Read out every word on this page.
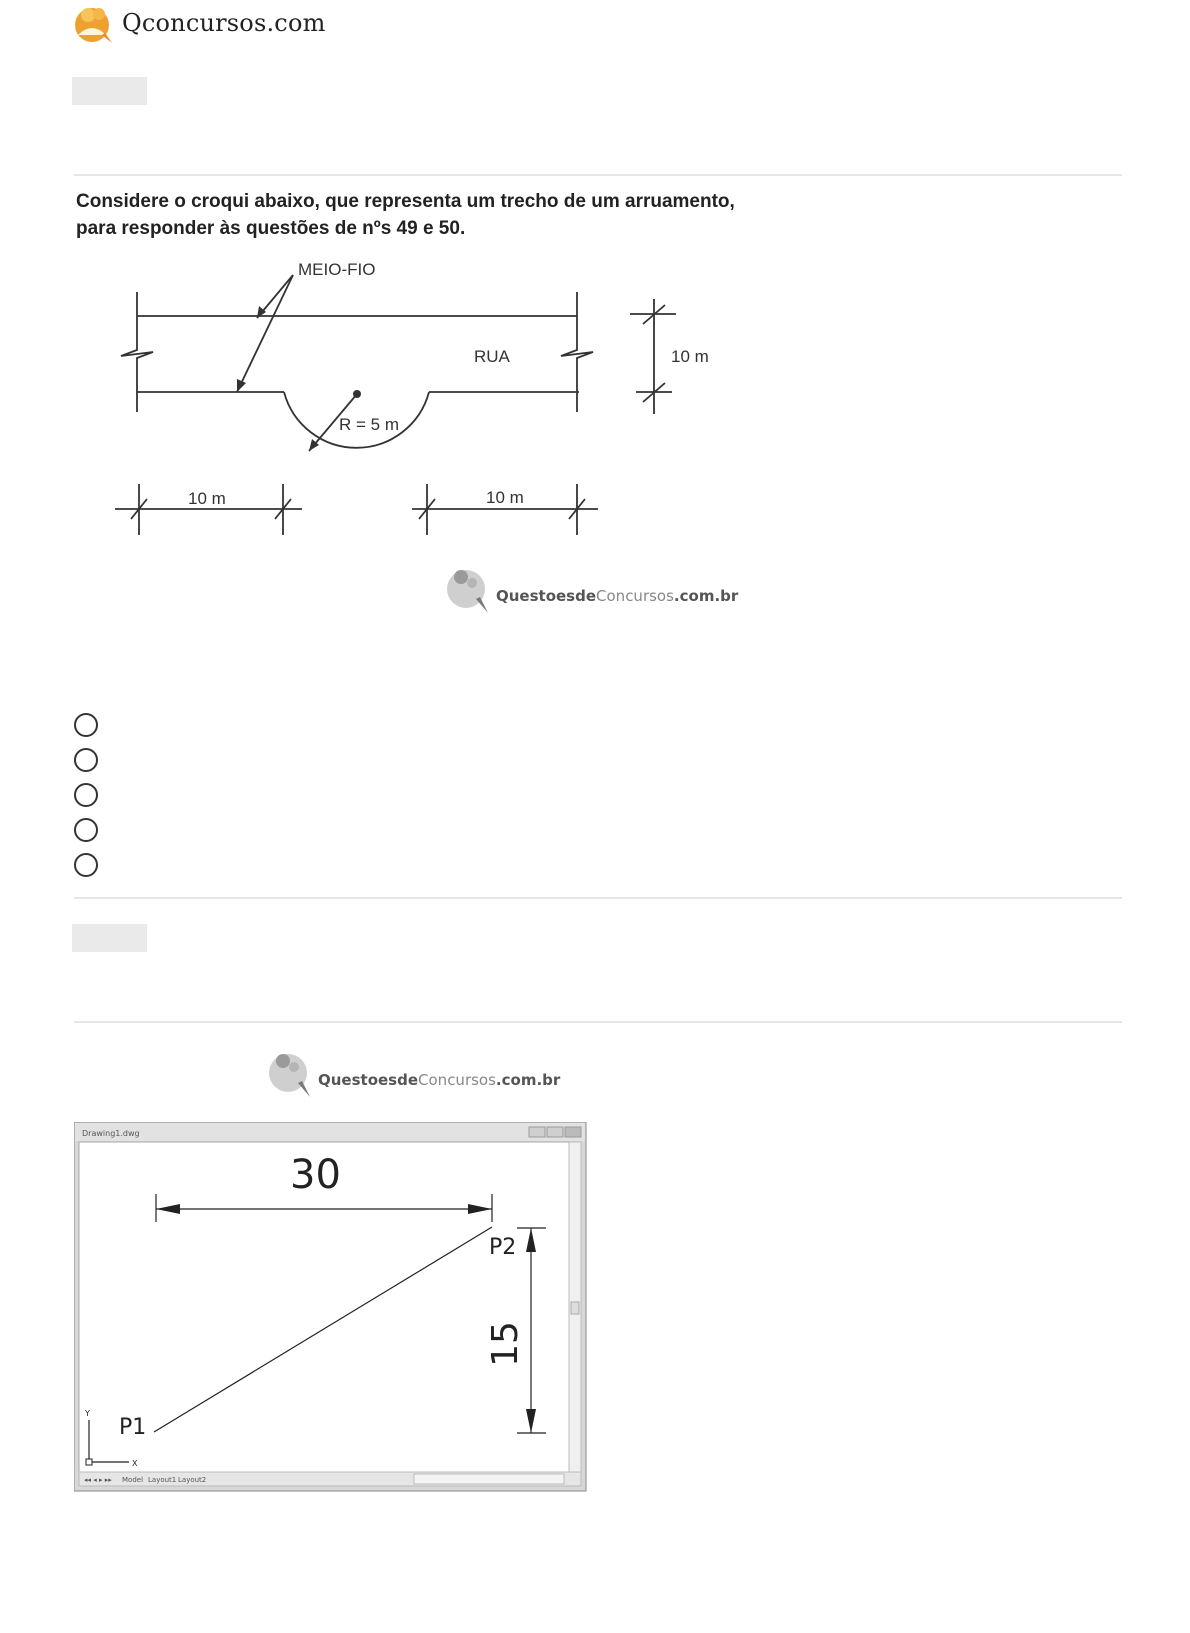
Qconcursos.com
Considere o croqui abaixo, que representa um trecho de um arruamento,
para responder às questões de nºs 49 e 50.
MEIO-FIO
RUA
R = 5 m
10 m
10 m	10 m
QuestoesdeConcursos.com.br
QuestoesdeConcursos.com.br
Drawing1.dwg
◂◂ ◂ ▸ ▸▸ Model Layout1 Layout2
30
P2
P1
15
Y
X
